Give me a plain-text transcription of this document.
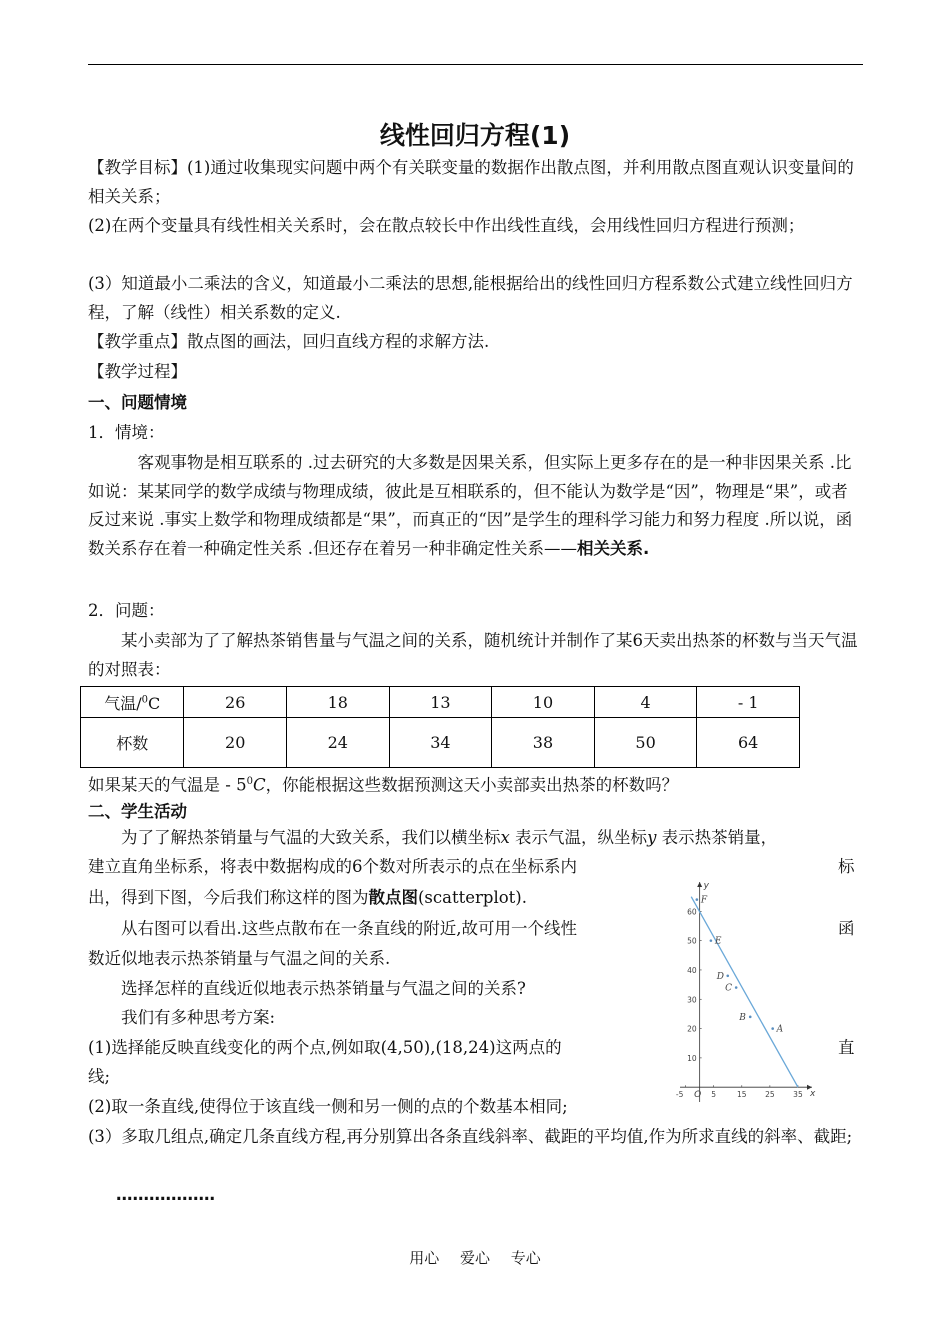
线性回归方程(1)

【教学目标】(1)通过收集现实问题中两个有关联变量的数据作出散点图，并利用散点图直观认识变量间的相关关系；

(2)在两个变量具有线性相关关系时，会在散点较长中作出线性直线，会用线性回归方程进行预测；

(3）知道最小二乘法的含义，知道最小二乘法的思想,能根据给出的线性回归方程系数公式建立线性回归方程，了解（线性）相关系数的定义.

【教学重点】散点图的画法，回归直线方程的求解方法.

【教学过程】

一、问题情境

1．情境：

客观事物是相互联系的 .过去研究的大多数是因果关系，但实际上更多存在的是一种非因果关系 .比如说：某某同学的数学成绩与物理成绩，彼此是互相联系的，但不能认为数学是“因”，物理是“果”，或者反过来说 .事实上数学和物理成绩都是“果”，而真正的“因”是学生的理科学习能力和努力程度 .所以说，函数关系存在着一种确定性关系 .但还存在着另一种非确定性关系——相关关系.

2．问题：

某小卖部为了了解热茶销售量与气温之间的关系，随机统计并制作了某6天卖出热茶的杯数与当天气温的对照表：

气温/$^0$C	26	18	13	10	4	- 1
杯数	20	24	34	38	50	64

如果某天的气温是 - $5^0C$，你能根据这些数据预测这天小卖部卖出热茶的杯数吗？

二、学生活动

为了了解热茶销量与气温的大致关系，我们以横坐标x 表示气温，纵坐标y 表示热茶销量，

建立直角坐标系，将表中数据构成的6个数对所表示的点在坐标系内	标

出，得到下图，今后我们称这样的图为散点图(scatterplot).

从右图可以看出.这些点散布在一条直线的附近,故可用一个线性	函

数近似地表示热茶销量与气温之间的关系.

选择怎样的直线近似地表示热茶销量与气温之间的关系?

我们有多种思考方案:

(1)选择能反映直线变化的两个点,例如取(4,50),(18,24)这两点的	直

线;

(2)取一条直线,使得位于该直线一侧和另一侧的点的个数基本相同;

(3）多取几组点,确定几条直线方程,再分别算出各条直线斜率、截距的平均值,作为所求直线的斜率、截距;

………………

x
y
O
-5	5	15 25 35
10
20
30
40
50
60
A
B
C
D
E
F
用心 爱心 专心
